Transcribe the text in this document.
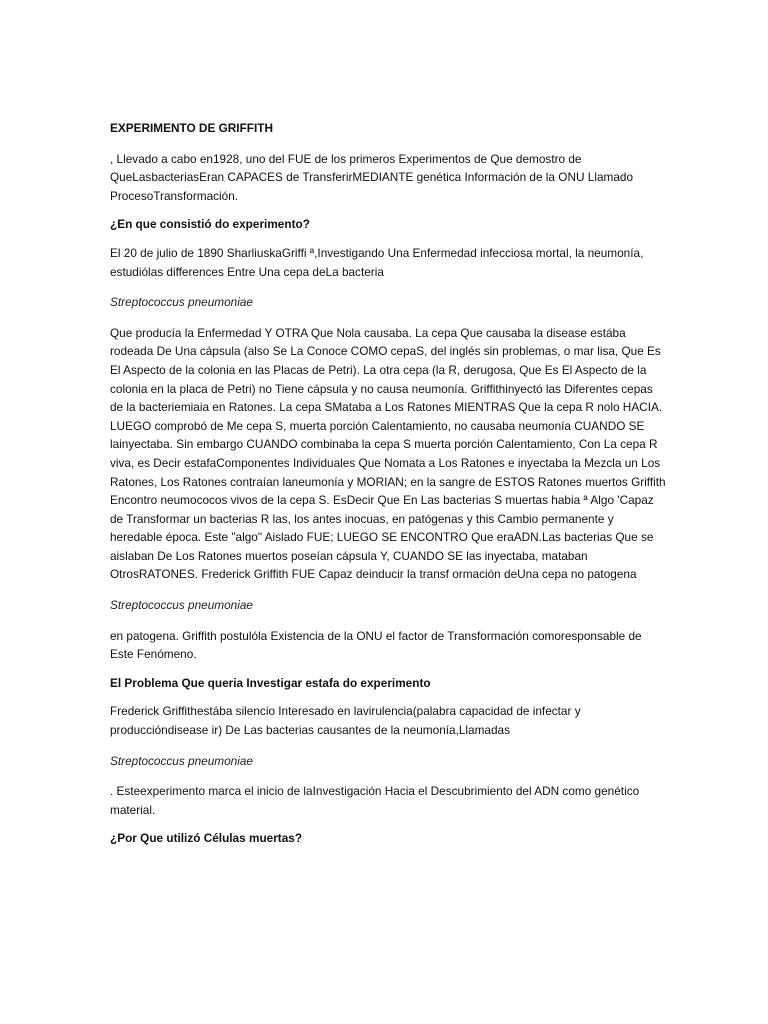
EXPERIMENTO DE GRIFFITH

, Llevado a cabo en1928, uno del FUE de los primeros Experimentos de Que demostro de QueLasbacteriasEran CAPACES de TransferirMEDIANTE genética Información de la ONU Llamado ProcesoTransformación.

¿En que consistió do experimento?

El 20 de julio de 1890 SharliuskaGriffi ª,Investigando Una Enfermedad infecciosa mortal, la neumonía, estudiólas differences Entre Una cepa deLa bacteria

Streptococcus pneumoniae

Que producía la Enfermedad Y OTRA Que Nola causaba. La cepa Que causaba la disease estába rodeada De Una cápsula (also Se La Conoce COMO cepaS, del inglés sin problemas, o mar lisa, Que Es El Aspecto de la colonia en las Placas de Petri). La otra cepa (la R, derugosa, Que Es El Aspecto de la colonia en la placa de Petri) no Tiene cápsula y no causa neumonía. Griffithinyectó las Diferentes cepas de la bacteriemiaia en Ratones. La cepa SMataba a Los Ratones MIENTRAS Que la cepa R nolo HACIA. LUEGO comprobó de Me cepa S, muerta porción Calentamiento, no causaba neumonía CUANDO SE lainyectaba. Sin embargo CUANDO combinaba la cepa S muerta porción Calentamiento, Con La cepa R viva, es Decir estafaComponentes Individuales Que Nomata a Los Ratones e inyectaba la Mezcla un Los Ratones, Los Ratones contraían laneumonía y MORIAN; en la sangre de ESTOS Ratones muertos Griffith Encontro neumococos vivos de la cepa S. EsDecir Que En Las bacterias S muertas habia ª Algo 'Capaz de Transformar un bacterias R las, los antes inocuas, en patógenas y this Cambio permanente y heredable época. Este "algo" Aislado FUE; LUEGO SE ENCONTRO Que eraADN.Las bacterias Que se aislaban De Los Ratones muertos poseían cápsula Y, CUANDO SE las inyectaba, mataban OtrosRATONES. Frederick Griffith FUE Capaz deinducir la transf ormación deUna cepa no patogena

Streptococcus pneumoniae

en patogena. Griffith postulóla Existencia de la ONU el factor de Transformación comoresponsable de Este Fenómeno.

El Problema Que queria Investigar estafa do experimento

Frederick Griffithestába silencio Interesado en lavirulencia(palabra capacidad de infectar y produccióndisease ir) De Las bacterias causantes de la neumonía,Llamadas

Streptococcus pneumoniae

. Esteexperimento marca el inicio de laInvestigación Hacia el Descubrimiento del ADN como genético material.

¿Por Que utilizó Células muertas?
